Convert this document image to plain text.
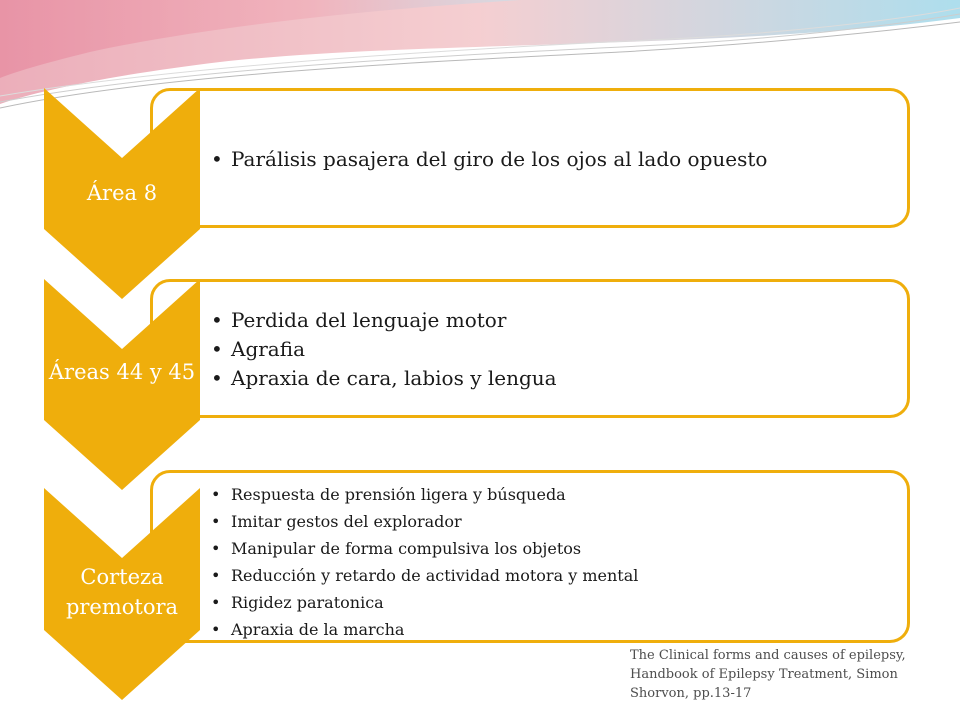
• Parálisis pasajera del giro de los ojos al lado opuesto
Área 8
• Perdida del lenguaje motor
• Agrafia
• Apraxia de cara, labios y lengua
Áreas 44 y 45
• Respuesta de prensión ligera y búsqueda
• Imitar gestos del explorador
• Manipular de forma compulsiva los objetos
• Reducción y retardo de actividad motora y mental
• Rigidez paratonica
• Apraxia de la marcha
Corteza premotora
The Clinical forms and causes of epilepsy, Handbook of Epilepsy Treatment, Simon Shorvon, pp.13-17
